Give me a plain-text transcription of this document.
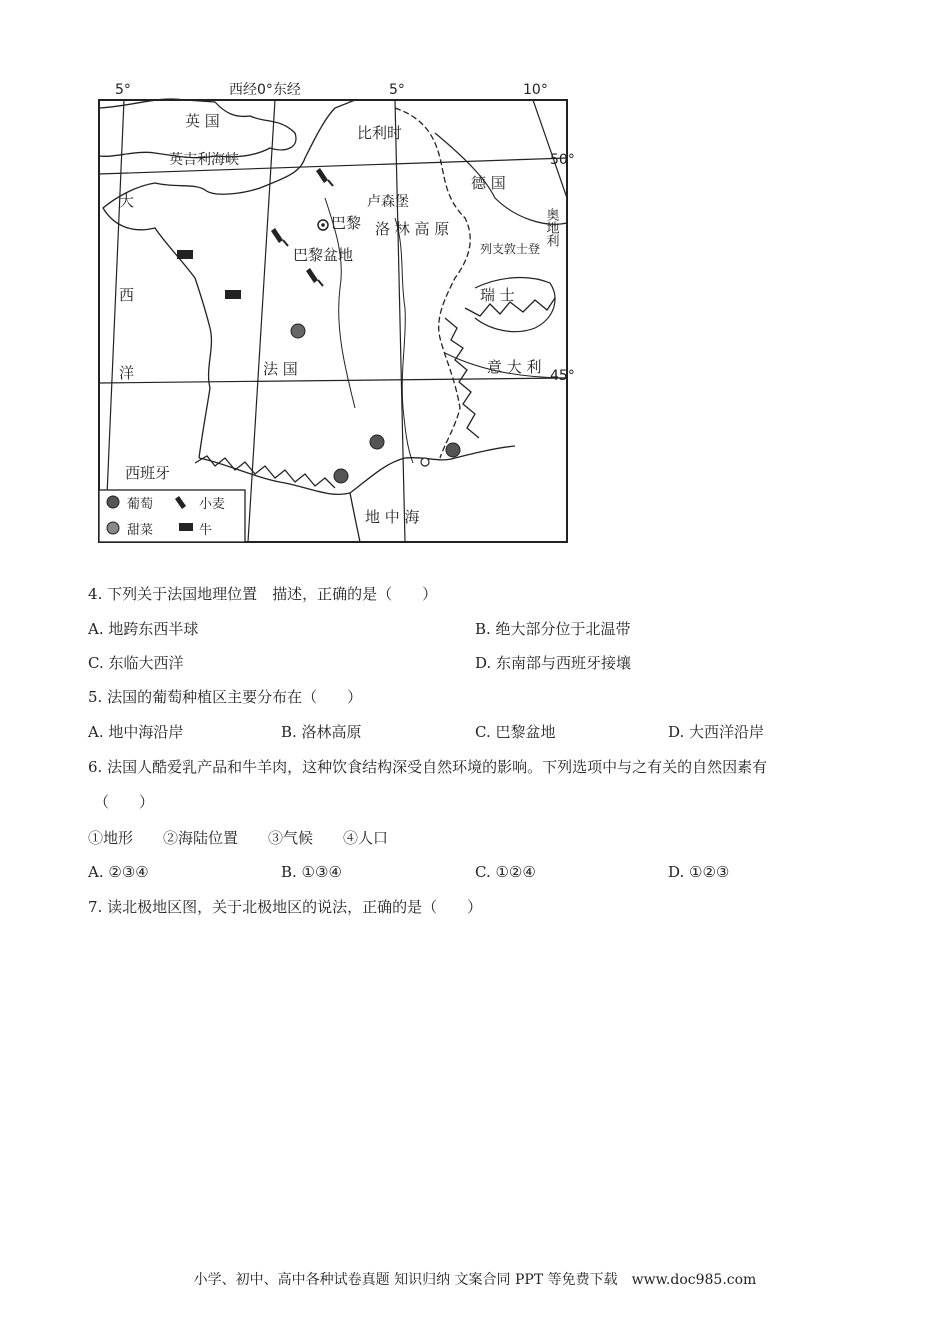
5°	西经0°东经	5°	10°
50°
45°
英 国
英吉利海峡
比利时
卢森堡
德 国
巴黎 洛 林 高 原
巴黎盆地	列支敦士登
瑞 士
意 大 利
法 国
西班牙
地 中 海
大
西
洋
奥地利
葡萄	小麦
甜菜	牛
4. 下列关于法国地理位置　描述，正确的是（　　）
A. 地跨东西半球	B. 绝大部分位于北温带
C. 东临大西洋	D. 东南部与西班牙接壤
5. 法国的葡萄种植区主要分布在（　　）
A. 地中海沿岸	B. 洛林高原	C. 巴黎盆地	D. 大西洋沿岸
6. 法国人酷爱乳产品和牛羊肉，这种饮食结构深受自然环境的影响。下列选项中与之有关的自然因素有
（　　）
①地形　　②海陆位置　　③气候　　④人口
A. ②③④	B. ①③④	C. ①②④	D. ①②③
7. 读北极地区图，关于北极地区的说法，正确的是（　　）
小学、初中、高中各种试卷真题 知识归纳 文案合同 PPT 等免费下载　www.doc985.com
